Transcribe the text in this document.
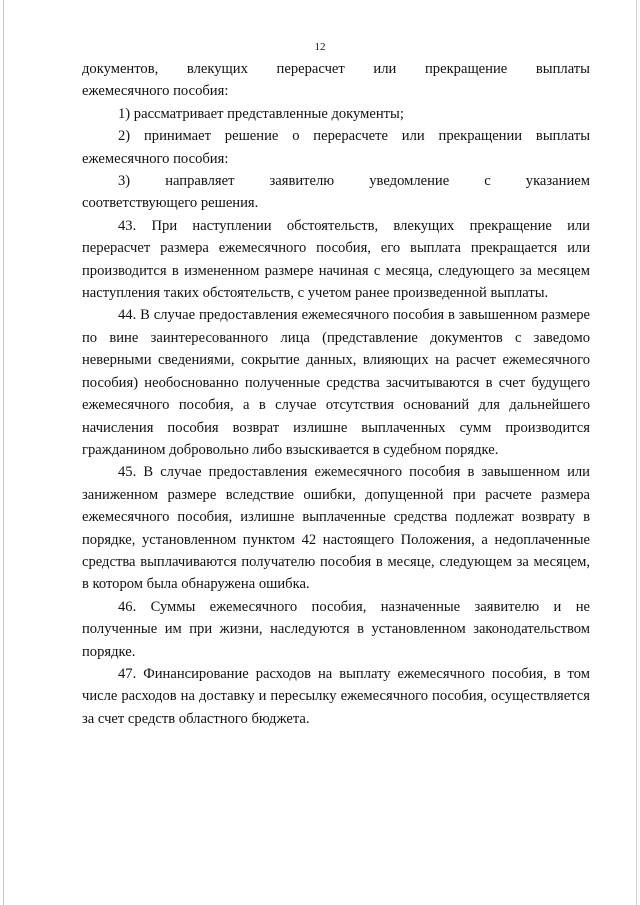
12
документов, влекущих перерасчет или прекращение выплаты
ежемесячного пособия:
1) рассматривает представленные документы;
2) принимает решение о перерасчете или прекращении выплаты
ежемесячного пособия:
3) направляет заявителю уведомление с указанием
соответствующего решения.
43. При наступлении обстоятельств, влекущих прекращение или перерасчет размера ежемесячного пособия, его выплата прекращается или производится в измененном размере начиная с месяца, следующего за месяцем наступления таких обстоятельств, с учетом ранее произведенной выплаты.
44. В случае предоставления ежемесячного пособия в завышенном размере по вине заинтересованного лица (представление документов с заведомо неверными сведениями, сокрытие данных, влияющих на расчет ежемесячного пособия) необоснованно полученные средства засчитываются в счет будущего ежемесячного пособия, а в случае отсутствия оснований для дальнейшего начисления пособия возврат излишне выплаченных сумм производится гражданином добровольно либо взыскивается в судебном порядке.
45. В случае предоставления ежемесячного пособия в завышенном или заниженном размере вследствие ошибки, допущенной при расчете размера ежемесячного пособия, излишне выплаченные средства подлежат возврату в порядке, установленном пунктом 42 настоящего Положения, а недоплаченные средства выплачиваются получателю пособия в месяце, следующем за месяцем, в котором была обнаружена ошибка.
46. Суммы ежемесячного пособия, назначенные заявителю и не полученные им при жизни, наследуются в установленном законодательством порядке.
47. Финансирование расходов на выплату ежемесячного пособия, в том числе расходов на доставку и пересылку ежемесячного пособия, осуществляется за счет средств областного бюджета.
